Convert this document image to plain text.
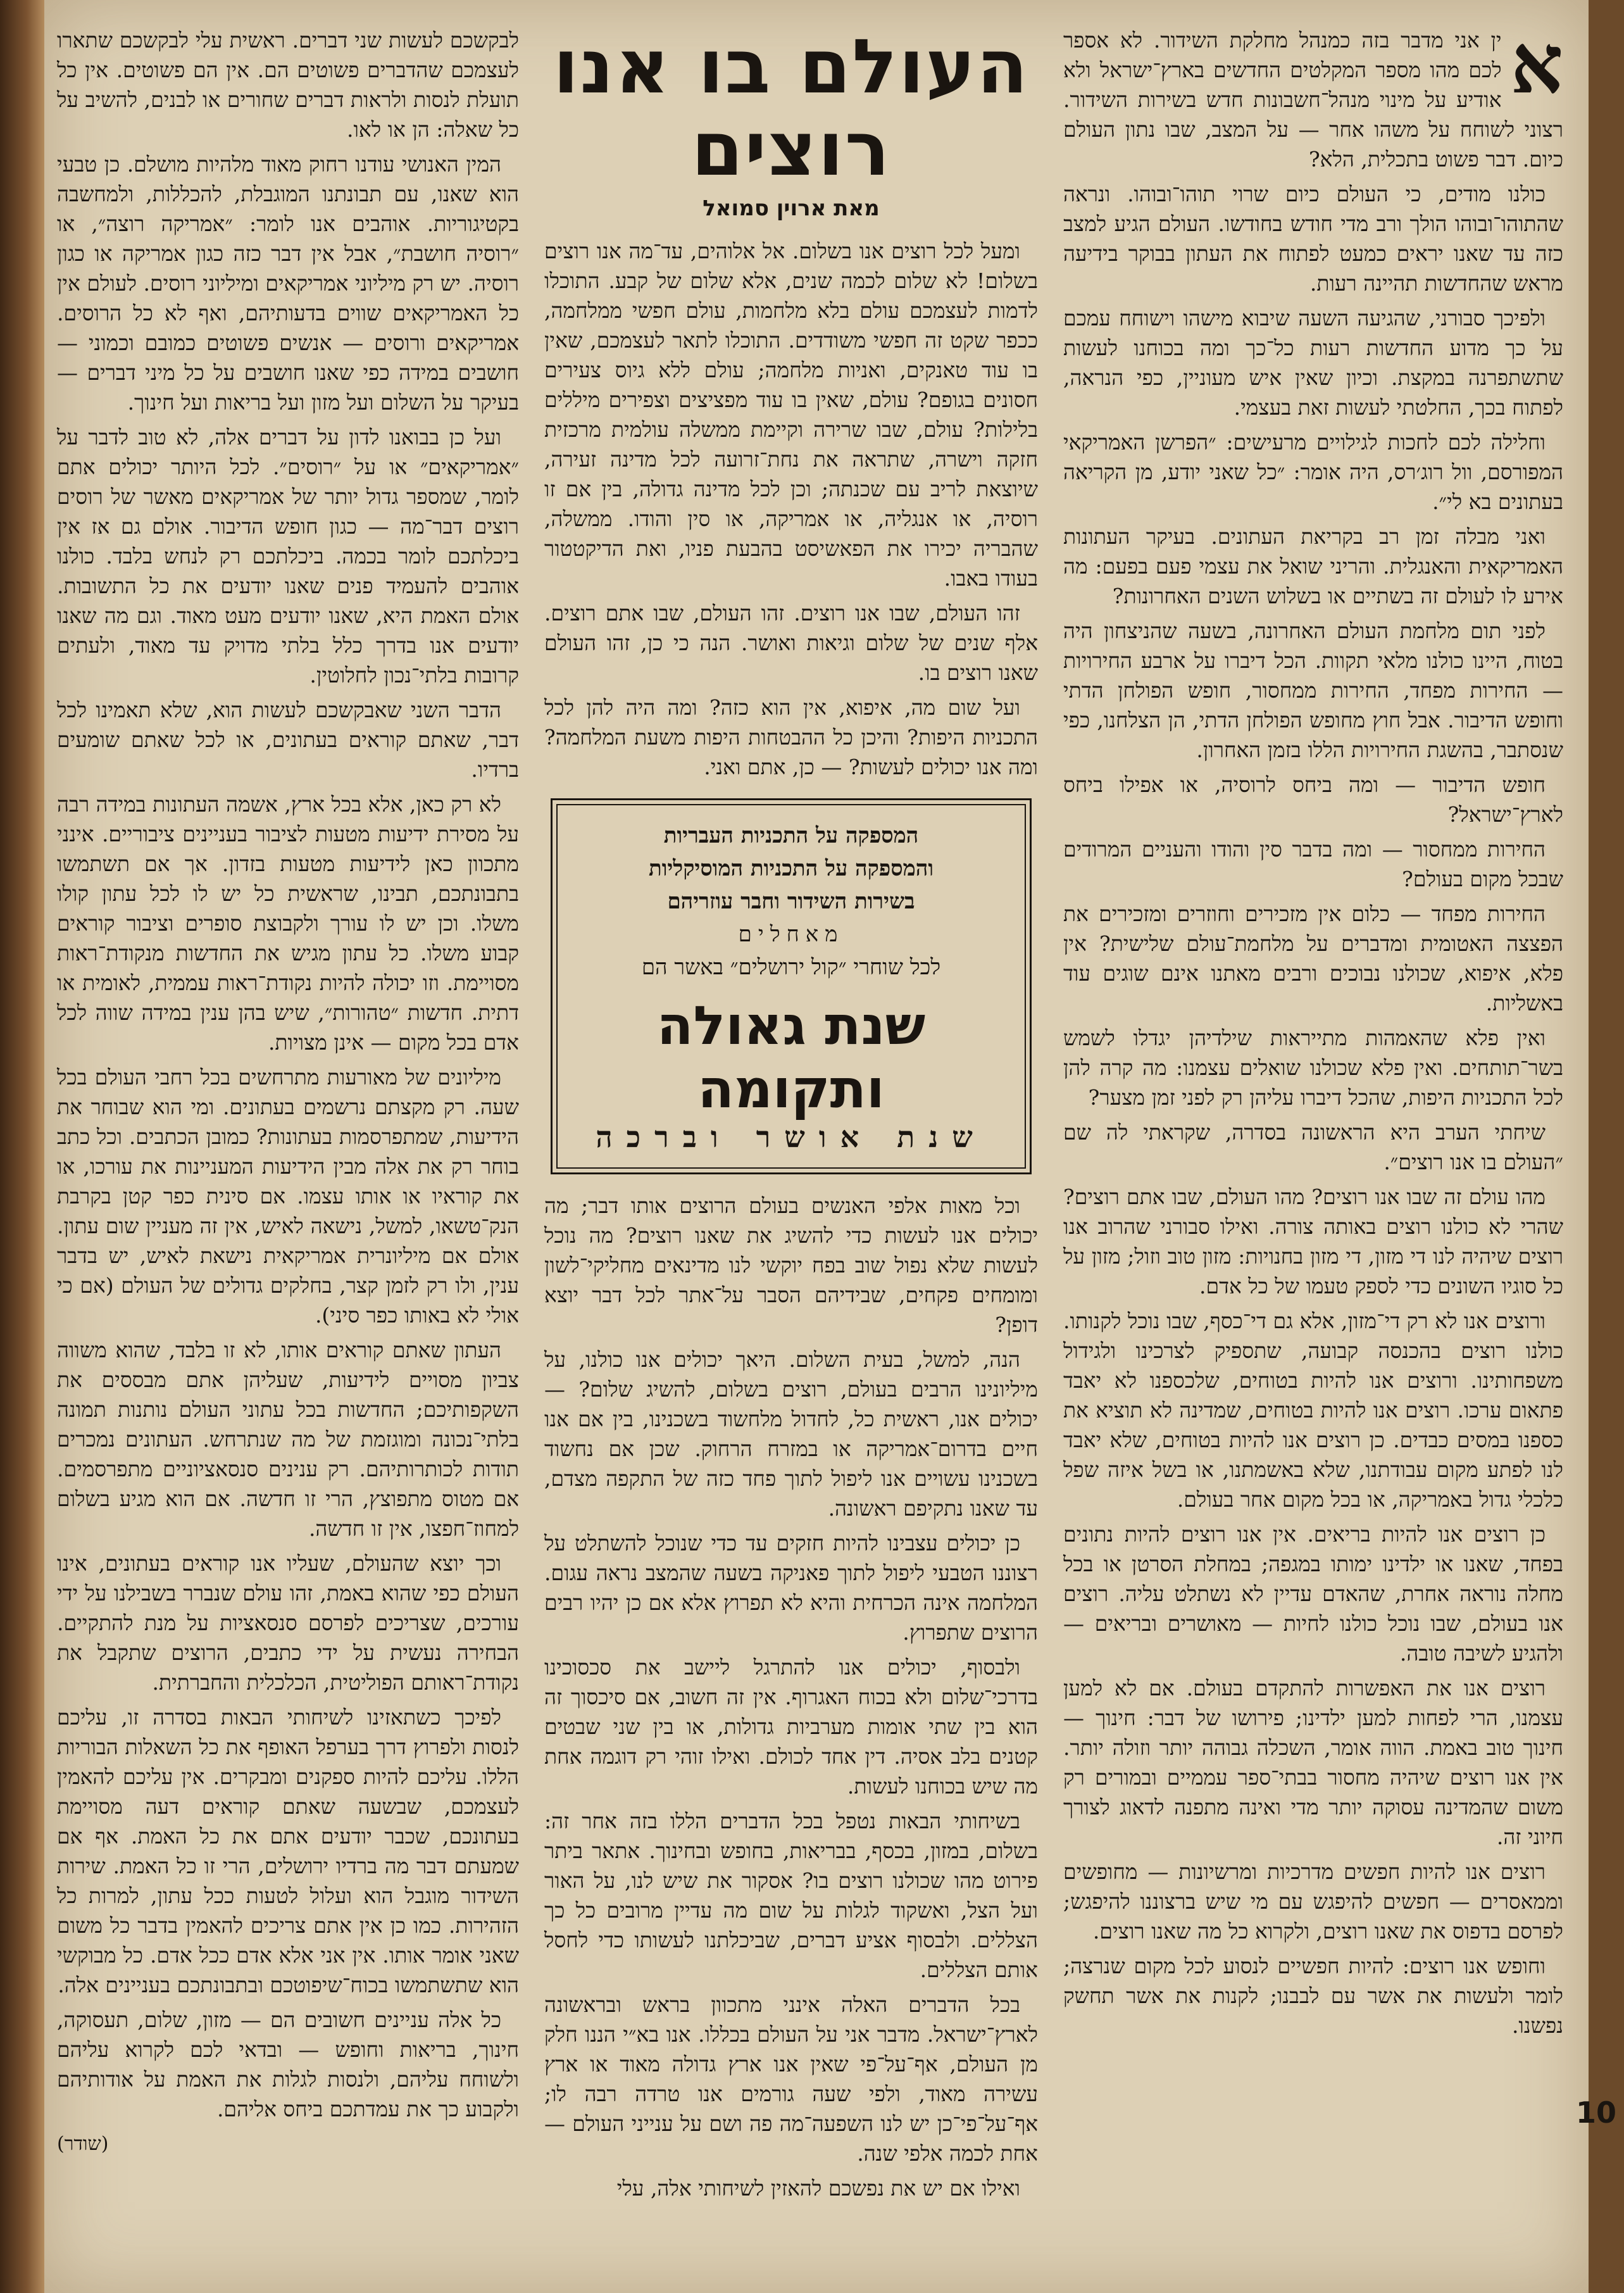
א

ין אני מדבר בזה כמנהל מחלקת השידור. לא אספר לכם מהו מספר המקלטים החדשים בארץ־ישראל ולא אודיע על מינוי מנהל־חשבונות חדש בשירות השידור. רצוני לשוחח על משהו אחר — על המצב, שבו נתון העולם כיום. דבר פשוט בתכלית, הלא?

כולנו מודים, כי העולם כיום שרוי תוהו־ובוהו. ונראה שהתוהו־ובוהו הולך ורב מדי חודש בחודשו. העולם הגיע למצב כזה עד שאנו יראים כמעט לפתוח את העתון בבוקר בידיעה מראש שהחדשות תהיינה רעות.

ולפיכך סבורני, שהגיעה השעה שיבוא מישהו וישוחח עמכם על כך מדוע החדשות רעות כל־כך ומה בכוחנו לעשות שתשתפרנה במקצת. וכיון שאין איש מעוניין, כפי הנראה, לפתוח בכך, החלטתי לעשות זאת בעצמי.

וחלילה לכם לחכות לגילויים מרעישים: ״הפרשן האמריקאי המפורסם, וול רוג׳רס, היה אומר: ״כל שאני יודע, מן הקריאה בעתונים בא לי״.

ואני מבלה זמן רב בקריאת העתונים. בעיקר העתונות האמריקאית והאנגלית. והריני שואל את עצמי פעם בפעם: מה אירע לו לעולם זה בשתיים או בשלוש השנים האחרונות?

לפני תום מלחמת העולם האחרונה, בשעה שהניצחון היה בטוח, היינו כולנו מלאי תקוות. הכל דיברו על ארבע החירויות — החירות מפחד, החירות ממחסור, חופש הפולחן הדתי וחופש הדיבור. אבל חוץ מחופש הפולחן הדתי, הן הצלחנו, כפי שנסתבר, בהשגת החירויות הללו בזמן האחרון.

חופש הדיבור — ומה ביחס לרוסיה, או אפילו ביחס לארץ־ישראל?

החירות ממחסור — ומה בדבר סין והודו והעניים המרודים שבכל מקום בעולם?

החירות מפחד — כלום אין מזכירים וחוזרים ומזכירים את הפצצה האטומית ומדברים על מלחמת־עולם שלישית? אין פלא, איפוא, שכולנו נבוכים ורבים מאתנו אינם שוגים עוד באשליות.

ואין פלא שהאמהות מתייראות שילדיהן יגדלו לשמש בשר־תותחים. ואין פלא שכולנו שואלים עצמנו: מה קרה להן לכל התכניות היפות, שהכל דיברו עליהן רק לפני זמן מצער?

שיחתי הערב היא הראשונה בסדרה, שקראתי לה שם ״העולם בו אנו רוצים״.

מהו עולם זה שבו אנו רוצים? מהו העולם, שבו אתם רוצים? שהרי לא כולנו רוצים באותה צורה. ואילו סבורני שהרוב אנו רוצים שיהיה לנו די מזון, די מזון בחנויות: מזון טוב וזול; מזון על כל סוגיו השונים כדי לספק טעמו של כל אדם.

ורוצים אנו לא רק די־מזון, אלא גם די־כסף, שבו נוכל לקנותו. כולנו רוצים בהכנסה קבועה, שתספיק לצרכינו ולגידול משפחותינו. ורוצים אנו להיות בטוחים, שלכספנו לא יאבד פתאום ערכו. רוצים אנו להיות בטוחים, שמדינה לא תוציא את כספנו במסים כבדים. כן רוצים אנו להיות בטוחים, שלא יאבד לנו לפתע מקום עבודתנו, שלא באשמתנו, או בשל איזה שפל כלכלי גדול באמריקה, או בכל מקום אחר בעולם.

כן רוצים אנו להיות בריאים. אין אנו רוצים להיות נתונים בפחד, שאנו או ילדינו ימותו במגפה; במחלת הסרטן או בכל מחלה נוראה אחרת, שהאדם עדיין לא נשתלט עליה. רוצים אנו בעולם, שבו נוכל כולנו לחיות — מאושרים ובריאים — ולהגיע לשיבה טובה.

רוצים אנו את האפשרות להתקדם בעולם. אם לא למען עצמנו, הרי לפחות למען ילדינו; פירושו של דבר: חינוך — חינוך טוב באמת. הווה אומר, השכלה גבוהה יותר וזולה יותר. אין אנו רוצים שיהיה מחסור בבתי־ספר עממיים ובמורים רק משום שהמדינה עסוקה יותר מדי ואינה מתפנה לדאוג לצורך חיוני זה.

רוצים אנו להיות חפשים מדרכיות ומרשיונות — מחופשים וממאסרים — חפשים להיפגש עם מי שיש ברצוננו להיפגש; לפרסם בדפוס את שאנו רוצים, ולקרוא כל מה שאנו רוצים.

וחופש אנו רוצים: להיות חפשיים לנסוע לכל מקום שנרצה; לומר ולעשות את אשר עם לבבנו; לקנות את אשר תחשק נפשנו.

העולם בו אנו רוצים
מאת ארוין סמואל

ומעל לכל רוצים אנו בשלום. אל אלוהים, עד־מה אנו רוצים בשלום! לא שלום לכמה שנים, אלא שלום של קבע. התוכלו לדמות לעצמכם עולם בלא מלחמות, עולם חפשי ממלחמה, ככפר שקט זה חפשי משודדים. התוכלו לתאר לעצמכם, שאין בו עוד טאנקים, ואניות מלחמה; עולם ללא גיוס צעירים חסונים בגופם? עולם, שאין בו עוד מפציצים וצפירים מיללים בלילות? עולם, שבו שרירה וקיימת ממשלה עולמית מרכזית חזקה וישרה, שתראה את נחת־זרועה לכל מדינה זעירה, שיוצאת לריב עם שכנתה; וכן לכל מדינה גדולה, בין אם זו רוסיה, או אנגליה, או אמריקה, או סין והודו. ממשלה, שהבריה יכירו את הפאשיסט בהבעת פניו, ואת הדיקטטור בעודו באבו.

זהו העולם, שבו אנו רוצים. זהו העולם, שבו אתם רוצים. אלף שנים של שלום וגיאות ואושר. הנה כי כן, זהו העולם שאנו רוצים בו.

ועל שום מה, איפוא, אין הוא כזה? ומה היה להן לכל התכניות היפות? והיכן כל ההבטחות היפות משעת המלחמה? ומה אנו יכולים לעשות? — כן, אתם ואני.

המספקה על התכניות העבריות
והמספקה על התכניות המוסיקליות
בשירות השידור וחבר עוזריהם
מאחלים
לכל שוחרי ״קול ירושלים״ באשר הם
שנת גאולה ותקומה
שנת אושר וברכה

וכל מאות אלפי האנשים בעולם הרוצים אותו דבר; מה יכולים אנו לעשות כדי להשיג את שאנו רוצים? מה נוכל לעשות שלא נפול שוב בפח יוקשי לנו מדינאים מחליקי־לשון ומומחים פקחים, שבידיהם הסבר על־אתר לכל דבר יוצא דופן?

הנה, למשל, בעית השלום. היאך יכולים אנו כולנו, על מיליונינו הרבים בעולם, רוצים בשלום, להשיג שלום? — יכולים אנו, ראשית כל, לחדול מלחשוד בשכנינו, בין אם אנו חיים בדרום־אמריקה או במזרח הרחוק. שכן אם נחשוד בשכנינו עשויים אנו ליפול לתוך פחד כזה של התקפה מצדם, עד שאנו נתקיפם ראשונה.

כן יכולים עצבינו להיות חזקים עד כדי שנוכל להשתלט על רצוננו הטבעי ליפול לתוך פאניקה בשעה שהמצב נראה עגום. המלחמה אינה הכרחית והיא לא תפרוץ אלא אם כן יהיו רבים הרוצים שתפרוץ.

ולבסוף, יכולים אנו להתרגל ליישב את סכסוכינו בדרכי־שלום ולא בכוח האגרוף. אין זה חשוב, אם סיכסוך זה הוא בין שתי אומות מערביות גדולות, או בין שני שבטים קטנים בלב אסיה. דין אחד לכולם. ואילו זוהי רק דוגמה אחת מה שיש בכוחנו לעשות.

בשיחותי הבאות נטפל בכל הדברים הללו בזה אחר זה: בשלום, במזון, בכסף, בבריאות, בחופש ובחינוך. אתאר ביתר פירוט מהו שכולנו רוצים בו? אסקור את שיש לנו, על האור ועל הצל, ואשקוד לגלות על שום מה עדיין מרובים כל כך הצללים. ולבסוף אציע דברים, שביכלתנו לעשותו כדי לחסל אותם הצללים.

בכל הדברים האלה אינני מתכוון בראש ובראשונה לארץ־ישראל. מדבר אני על העולם בכללו. אנו בא״י הננו חלק מן העולם, אף־על־פי שאין אנו ארץ גדולה מאוד או ארץ עשירה מאוד, ולפי שעה גורמים אנו טרדה רבה לו; אף־על־פי־כן יש לנו השפעה־מה פה ושם על ענייני העולם — אחת לכמה אלפי שנה.

ואילו אם יש את נפשכם להאזין לשיחותי אלה, עלי

לבקשכם לעשות שני דברים. ראשית עלי לבקשכם שתארו לעצמכם שהדברים פשוטים הם. אין הם פשוטים. אין כל תועלת לנסות ולראות דברים שחורים או לבנים, להשיב על כל שאלה: הן או לאו.

המין האנושי עודנו רחוק מאוד מלהיות מושלם. כן טבעי הוא שאנו, עם תבונתנו המוגבלת, להכללות, ולמחשבה בקטיגוריות. אוהבים אנו לומר: ״אמריקה רוצה״, או ״רוסיה חושבת״, אבל אין דבר כזה כגון אמריקה או כגון רוסיה. יש רק מיליוני אמריקאים ומיליוני רוסים. לעולם אין כל האמריקאים שווים בדעותיהם, ואף לא כל הרוסים. אמריקאים ורוסים — אנשים פשוטים כמובם וכמוני — חושבים במידה כפי שאנו חושבים על כל מיני דברים — בעיקר על השלום ועל מזון ועל בריאות ועל חינוך.

ועל כן בבואנו לדון על דברים אלה, לא טוב לדבר על ״אמריקאים״ או על ״רוסים״. לכל היותר יכולים אתם לומר, שמספר גדול יותר של אמריקאים מאשר של רוסים רוצים דבר־מה — כגון חופש הדיבור. אולם גם אז אין ביכלתכם לומר בכמה. ביכלתכם רק לנחש בלבד. כולנו אוהבים להעמיד פנים שאנו יודעים את כל התשובות. אולם האמת היא, שאנו יודעים מעט מאוד. וגם מה שאנו יודעים אנו בדרך כלל בלתי מדויק עד מאוד, ולעתים קרובות בלתי־נכון לחלוטין.

הדבר השני שאבקשכם לעשות הוא, שלא תאמינו לכל דבר, שאתם קוראים בעתונים, או לכל שאתם שומעים ברדיו.

לא רק כאן, אלא בכל ארץ, אשמה העתונות במידה רבה על מסירת ידיעות מטעות לציבור בעניינים ציבוריים. אינני מתכוון כאן לידיעות מטעות בזדון. אך אם תשתמשו בתבונתכם, תבינו, שראשית כל יש לו לכל עתון קולו משלו. וכן יש לו עורך ולקבוצת סופרים וציבור קוראים קבוע משלו. כל עתון מגיש את החדשות מנקודת־ראות מסויימת. וזו יכולה להיות נקודת־ראות עממית, לאומית או דתית. חדשות ״טהורות״, שיש בהן ענין במידה שווה לכל אדם בכל מקום — אינן מצויות.

מיליונים של מאורעות מתרחשים בכל רחבי העולם בכל שעה. רק מקצתם נרשמים בעתונים. ומי הוא שבוחר את הידיעות, שמתפרסמות בעתונות? כמובן הכתבים. וכל כתב בוחר רק את אלה מבין הידיעות המעניינות את עורכו, או את קוראיו או אותו עצמו. אם סינית כפר קטן בקרבת הנק־טשאו, למשל, נישאה לאיש, אין זה מעניין שום עתון. אולם אם מיליונרית אמריקאית נישאת לאיש, יש בדבר ענין, ולו רק לזמן קצר, בחלקים גדולים של העולם (אם כי אולי לא באותו כפר סיני).

העתון שאתם קוראים אותו, לא זו בלבד, שהוא משווה צביון מסויים לידיעות, שעליהן אתם מבססים את השקפותיכם; החדשות בכל עתוני העולם נותנות תמונה בלתי־נכונה ומוגזמת של מה שנתרחש. העתונים נמכרים תודות לכותרותיהם. רק ענינים סנסאציוניים מתפרסמים. אם מטוס מתפוצץ, הרי זו חדשה. אם הוא מגיע בשלום למחוז־חפצו, אין זו חדשה.

וכך יוצא שהעולם, שעליו אנו קוראים בעתונים, אינו העולם כפי שהוא באמת, זהו עולם שנברר בשבילנו על ידי עורכים, שצריכים לפרסם סנסאציות על מנת להתקיים. הבחירה נעשית על ידי כתבים, הרוצים שתקבל את נקודת־ראותם הפוליטית, הכלכלית והחברתית.

לפיכך כשתאזינו לשיחותי הבאות בסדרה זו, עליכם לנסות ולפרוץ דרך בערפל האופף את כל השאלות הבוריות הללו. עליכם להיות ספקנים ומבקרים. אין עליכם להאמין לעצמכם, שבשעה שאתם קוראים דעה מסויימת בעתונכם, שכבר יודעים אתם את כל האמת. אף אם שמעתם דבר מה ברדיו ירושלים, הרי זו כל האמת. שירות השידור מוגבל הוא ועלול לטעות ככל עתון, למרות כל הזהירות. כמו כן אין אתם צריכים להאמין בדבר כל משום שאני אומר אותו. אין אני אלא אדם ככל אדם. כל מבוקשי הוא שתשתמשו בכוח־שיפוטכם ובתבונתכם בעניינים אלה.

כל אלה עניינים חשובים הם — מזון, שלום, תעסוקה, חינוך, בריאות וחופש — ובדאי לכם לקרוא עליהם ולשוחח עליהם, ולנסות לגלות את האמת על אודותיהם ולקבוע כך את עמדתכם ביחס אליהם.

(שודר)
10
